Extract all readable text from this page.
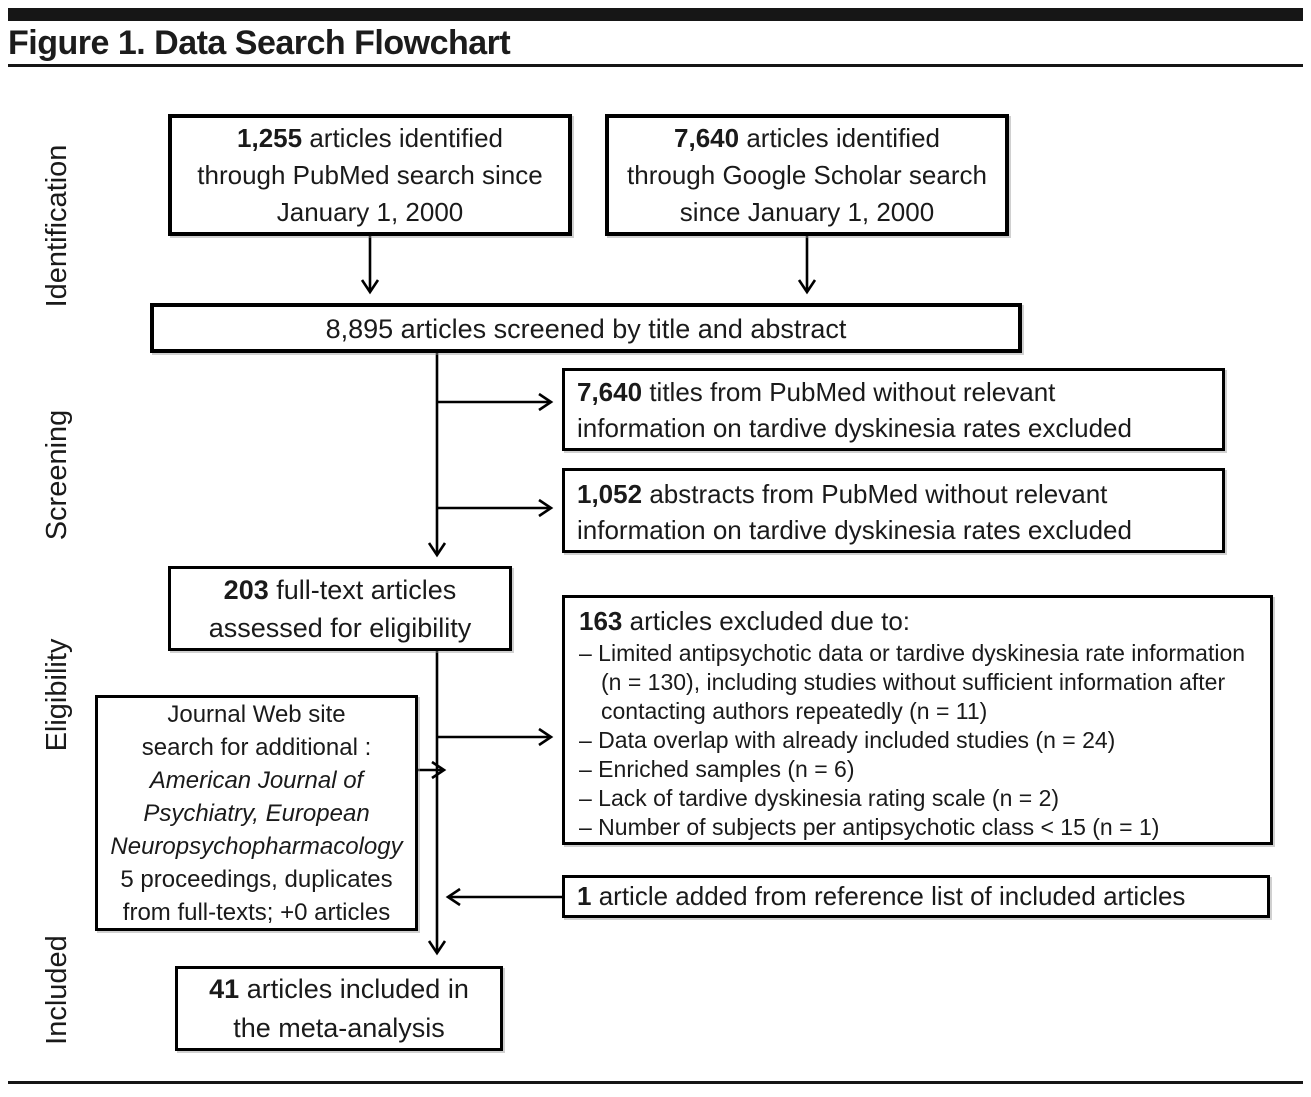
Figure 1. Data Search Flowchart
Identification
Screening
Eligibility
Included
1,255 articles identified
through PubMed search since
January 1, 2000
7,640 articles identified
through Google Scholar search
since January 1, 2000
8,895 articles screened by title and abstract
7,640 titles from PubMed without relevant
information on tardive dyskinesia rates excluded
1,052 abstracts from PubMed without relevant
information on tardive dyskinesia rates excluded
203 full-text articles
assessed for eligibility	163 articles excluded due to:
– Limited antipsychotic data or tardive dyskinesia rate information (n = 130), including studies without sufficient information after contacting authors repeatedly (n = 11)
– Data overlap with already included studies (n = 24)
– Enriched samples (n = 6)
– Lack of tardive dyskinesia rating scale (n = 2)
– Number of subjects per antipsychotic class < 15 (n = 1)
Journal Web site
search for additional :
American Journal of
Psychiatry, European
Neuropsychopharmacology
5 proceedings, duplicates
from full-texts; +0 articles
1 article added from reference list of included articles
41 articles included in
the meta-analysis
